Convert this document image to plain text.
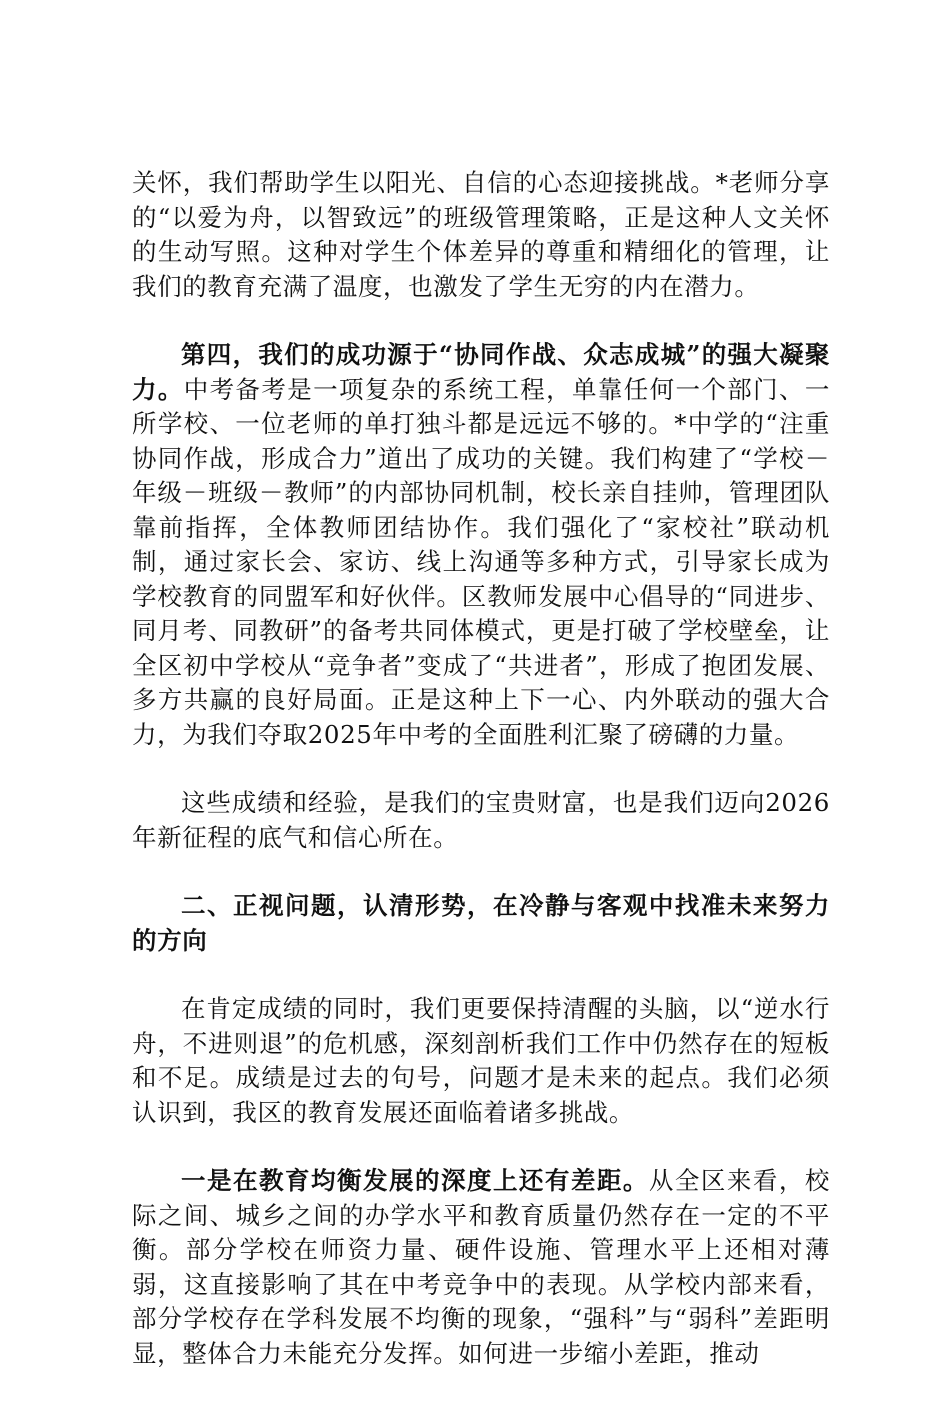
关怀，我们帮助学生以阳光、自信的心态迎接挑战。*老师分享的“以爱为舟，以智致远”的班级管理策略，正是这种人文关怀的生动写照。这种对学生个体差异的尊重和精细化的管理，让我们的教育充满了温度，也激发了学生无穷的内在潜力。

第四，我们的成功源于“协同作战、众志成城”的强大凝聚力。中考备考是一项复杂的系统工程，单靠任何一个部门、一所学校、一位老师的单打独斗都是远远不够的。*中学的“注重协同作战，形成合力”道出了成功的关键。我们构建了“学校－年级－班级－教师”的内部协同机制，校长亲自挂帅，管理团队靠前指挥，全体教师团结协作。我们强化了“家校社”联动机制，通过家长会、家访、线上沟通等多种方式，引导家长成为学校教育的同盟军和好伙伴。区教师发展中心倡导的“同进步、同月考、同教研”的备考共同体模式，更是打破了学校壁垒，让全区初中学校从“竞争者”变成了“共进者”，形成了抱团发展、多方共赢的良好局面。正是这种上下一心、内外联动的强大合力，为我们夺取2025年中考的全面胜利汇聚了磅礴的力量。

这些成绩和经验，是我们的宝贵财富，也是我们迈向2026年新征程的底气和信心所在。

二、正视问题，认清形势，在冷静与客观中找准未来努力的方向

在肯定成绩的同时，我们更要保持清醒的头脑，以“逆水行舟，不进则退”的危机感，深刻剖析我们工作中仍然存在的短板和不足。成绩是过去的句号，问题才是未来的起点。我们必须认识到，我区的教育发展还面临着诸多挑战。

一是在教育均衡发展的深度上还有差距。从全区来看，校际之间、城乡之间的办学水平和教育质量仍然存在一定的不平衡。部分学校在师资力量、硬件设施、管理水平上还相对薄弱，这直接影响了其在中考竞争中的表现。从学校内部来看，部分学校存在学科发展不均衡的现象，“强科”与“弱科”差距明显，整体合力未能充分发挥。如何进一步缩小差距，推动
